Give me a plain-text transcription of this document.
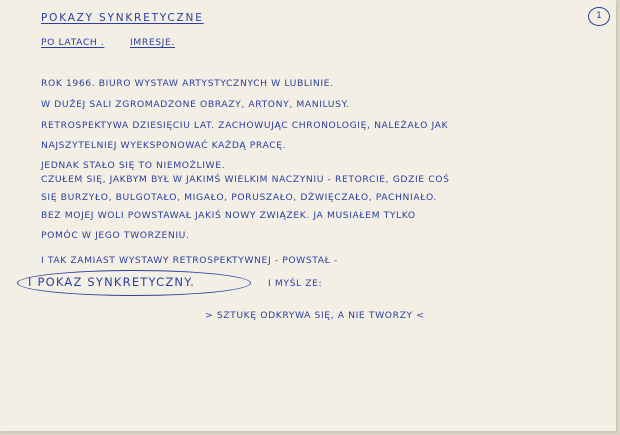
1
POKAZY SYNKRETYCZNE
PO LATACH .	IMRESJE.
ROK 1966. BIURO WYSTAW ARTYSTYCZNYCH W LUBLINIE.
W DUŻEJ SALI ZGROMADZONE OBRAZY, ARTONY, MANILUSY.
RETROSPEKTYWA DZIESIĘCIU LAT. ZACHOWUJĄC CHRONOLOGIĘ, NALEŻAŁO JAK
NAJSZYTELNIEJ WYEKSPONOWAĆ KAŻDĄ PRACĘ.
JEDNAK STAŁO SIĘ TO NIEMOŻLIWE.
CZUŁEM SIĘ, JAKBYM BYŁ W JAKIMŚ WIELKIM NACZYNIU - RETORCIE, GDZIE COŚ
SIĘ BURZYŁO, BULGOTAŁO, MIGAŁO, PORUSZAŁO, DŹWIĘCZAŁO, PACHNIAŁO.
BEZ MOJEJ WOLI POWSTAWAŁ JAKIŚ NOWY ZWIĄZEK. JA MUSIAŁEM TYLKO
POMÓC W JEGO TWORZENIU.
I TAK ZAMIAST WYSTAWY RETROSPEKTYWNEJ - POWSTAŁ -
I POKAZ SYNKRETYCZNY.	I MYŚL ZE:
> SZTUKĘ ODKRYWA SIĘ, A NIE TWORZY <
